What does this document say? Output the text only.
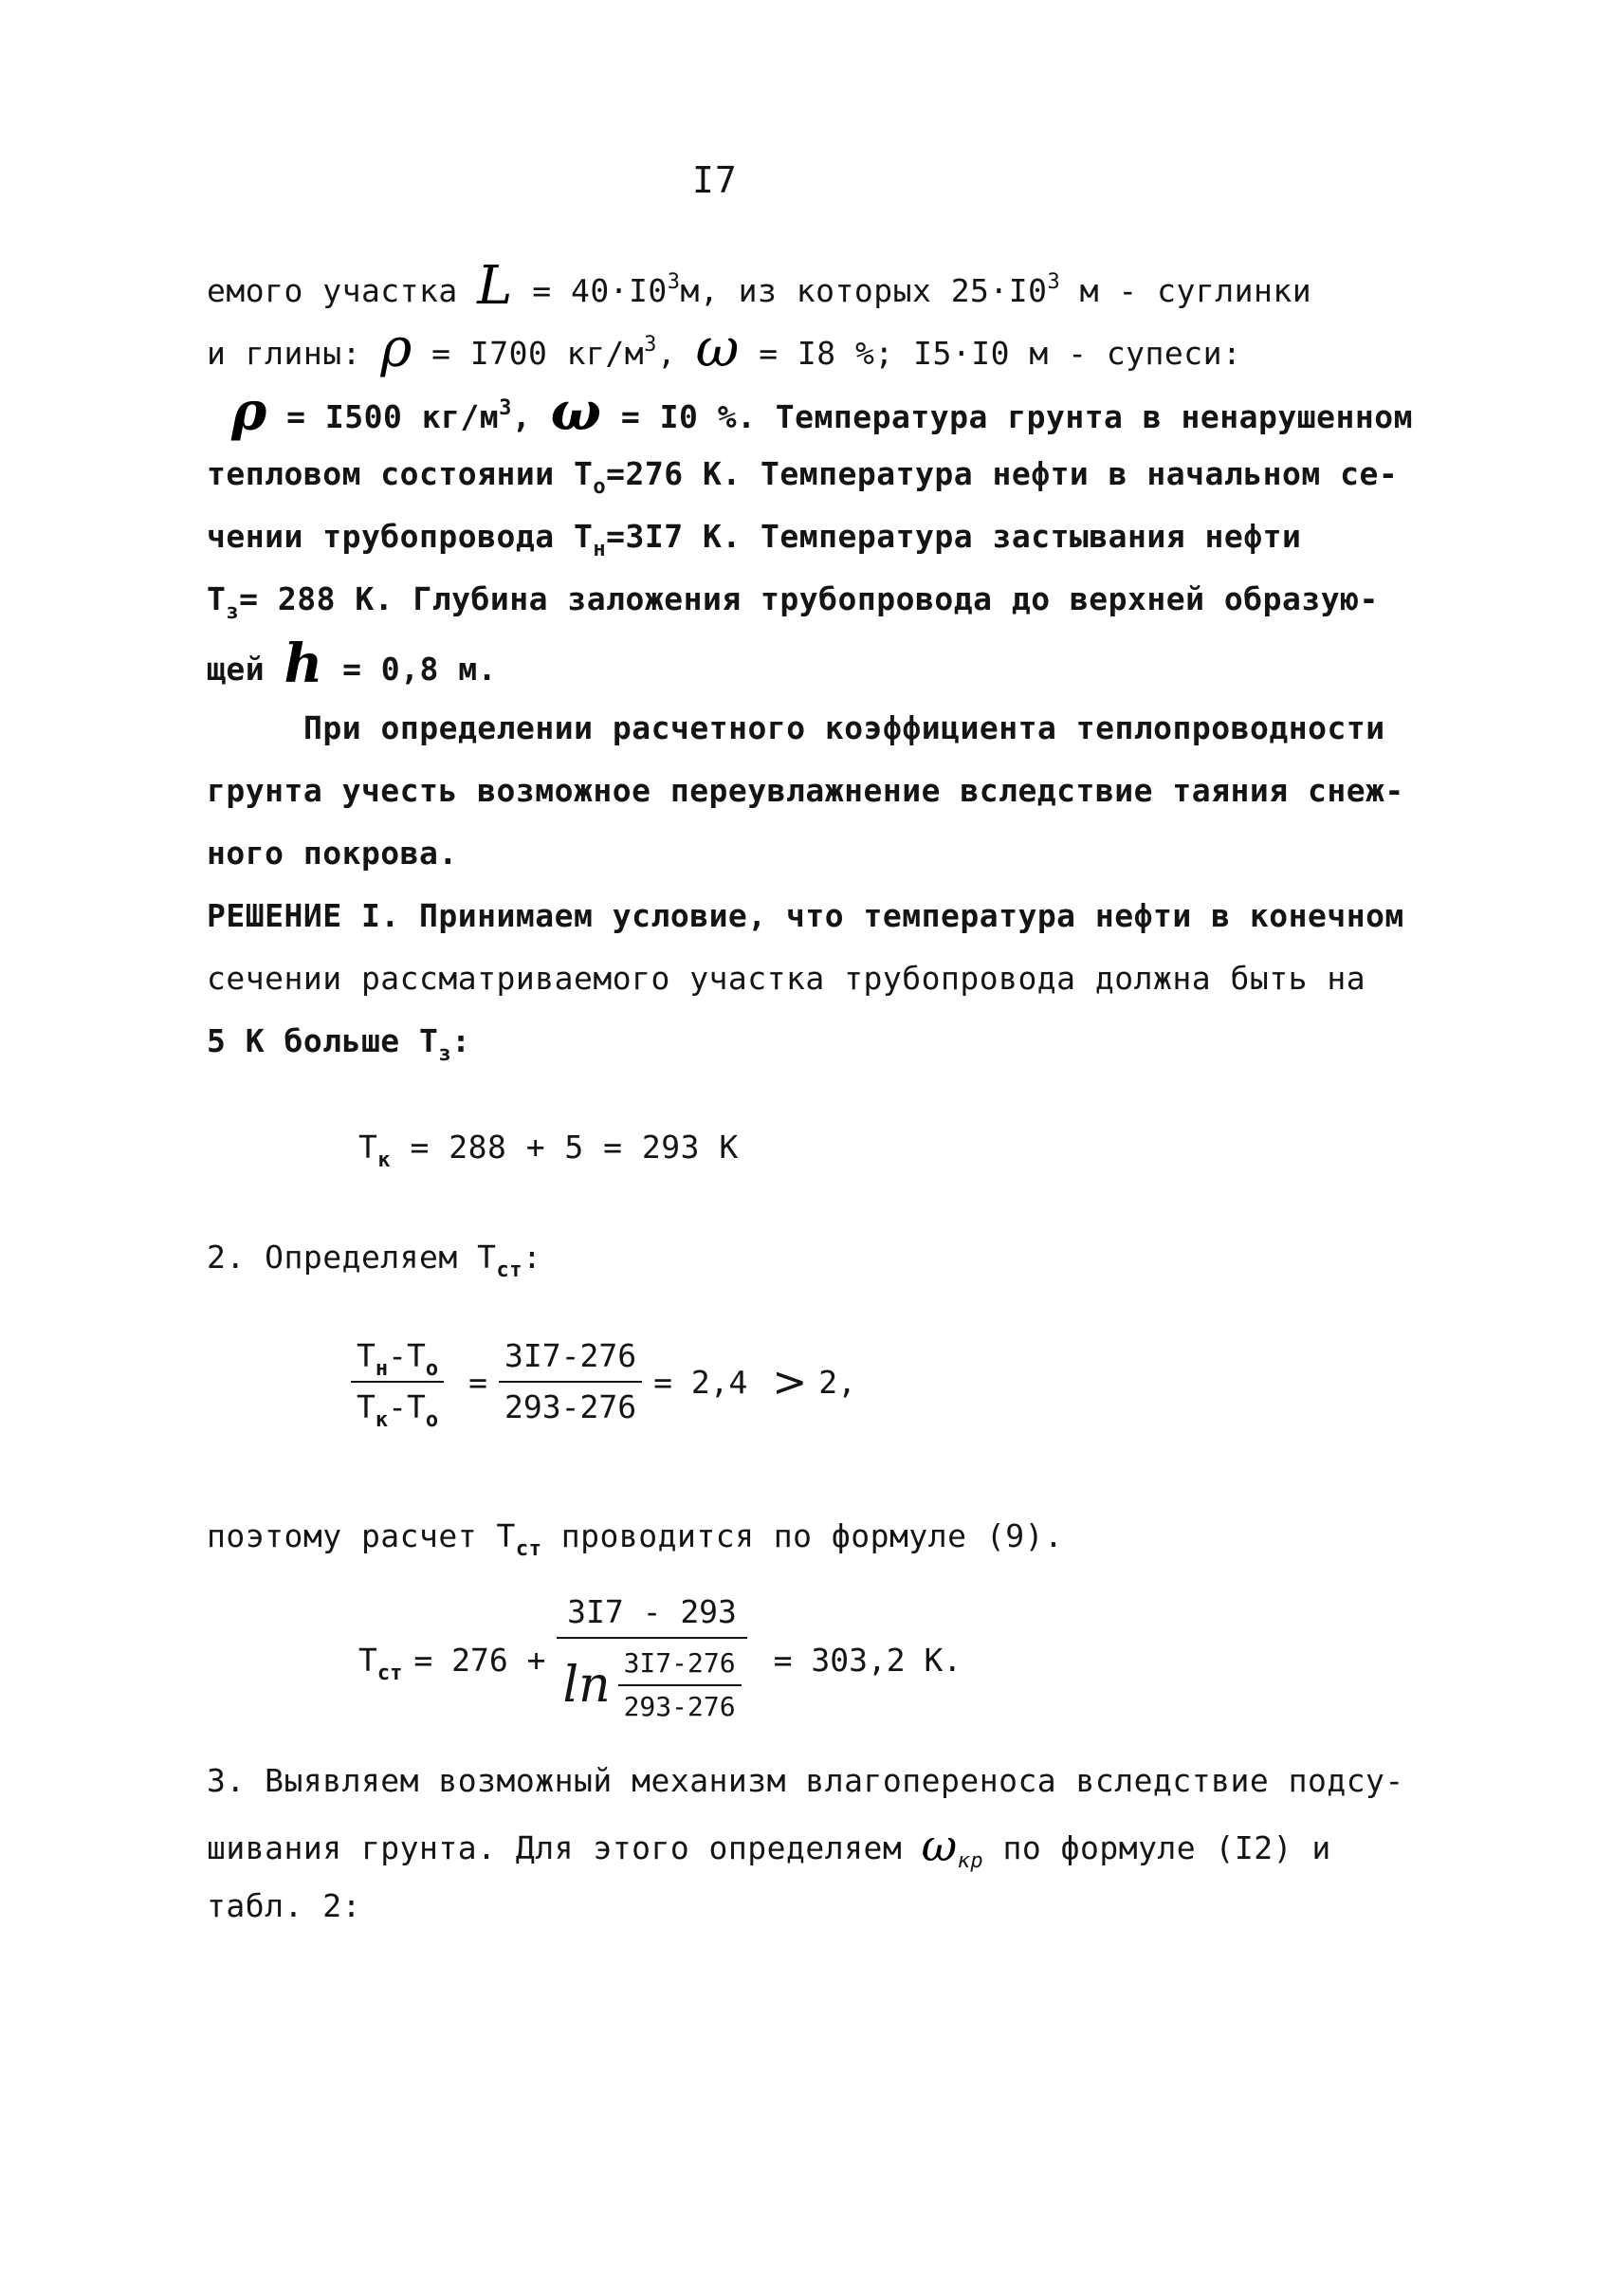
I7
емого участка $L = 40\cdot I0^3м$, из которых $25\cdot I0^3$ м - суглинки
и глины: ρ = I700 $кг/м^3$, ω = I8 %; I5·I0 м - супеси:
ρ = I500 $кг/м^3$, ω = I0 %. Температура грунта в ненарушенном
тепловом состоянии $T_о=276$ К. Температура нефти в начальном се-
чении трубопровода $T_н=3I7$ К. Температура застывания нефти
$T_з= 288$ К. Глубина заложения трубопровода до верхней образую-
щей h = 0,8 м.
При определении расчетного коэффициента теплопроводности
грунта учесть возможное переувлажнение вследствие таяния снеж-
ного покрова.
РЕШЕНИЕ I. Принимаем условие, что температура нефти в конечном
сечении рассматриваемого участка трубопровода должна быть на
5 К больше $T_з$:
$T_к = 288 + 5 = 293$ К
2. Определяем $T_{ст}$:
$\frac{T_н-T_о}{T_к-T_о} = \frac{3I7-276}{293-276} = 2,4 > 2$,
поэтому расчет $T_{ст}$ проводится по формуле (9).
$T_{ст} = 276 + \frac{3I7 - 293}{\ln \frac{3I7-276}{293-276}} = 303,2$ К.
3. Выявляем возможный механизм влагопереноса вследствие подсу-
шивания грунта. Для этого определяем $\omega_{кр}$ по формуле (I2) и
табл. 2:
